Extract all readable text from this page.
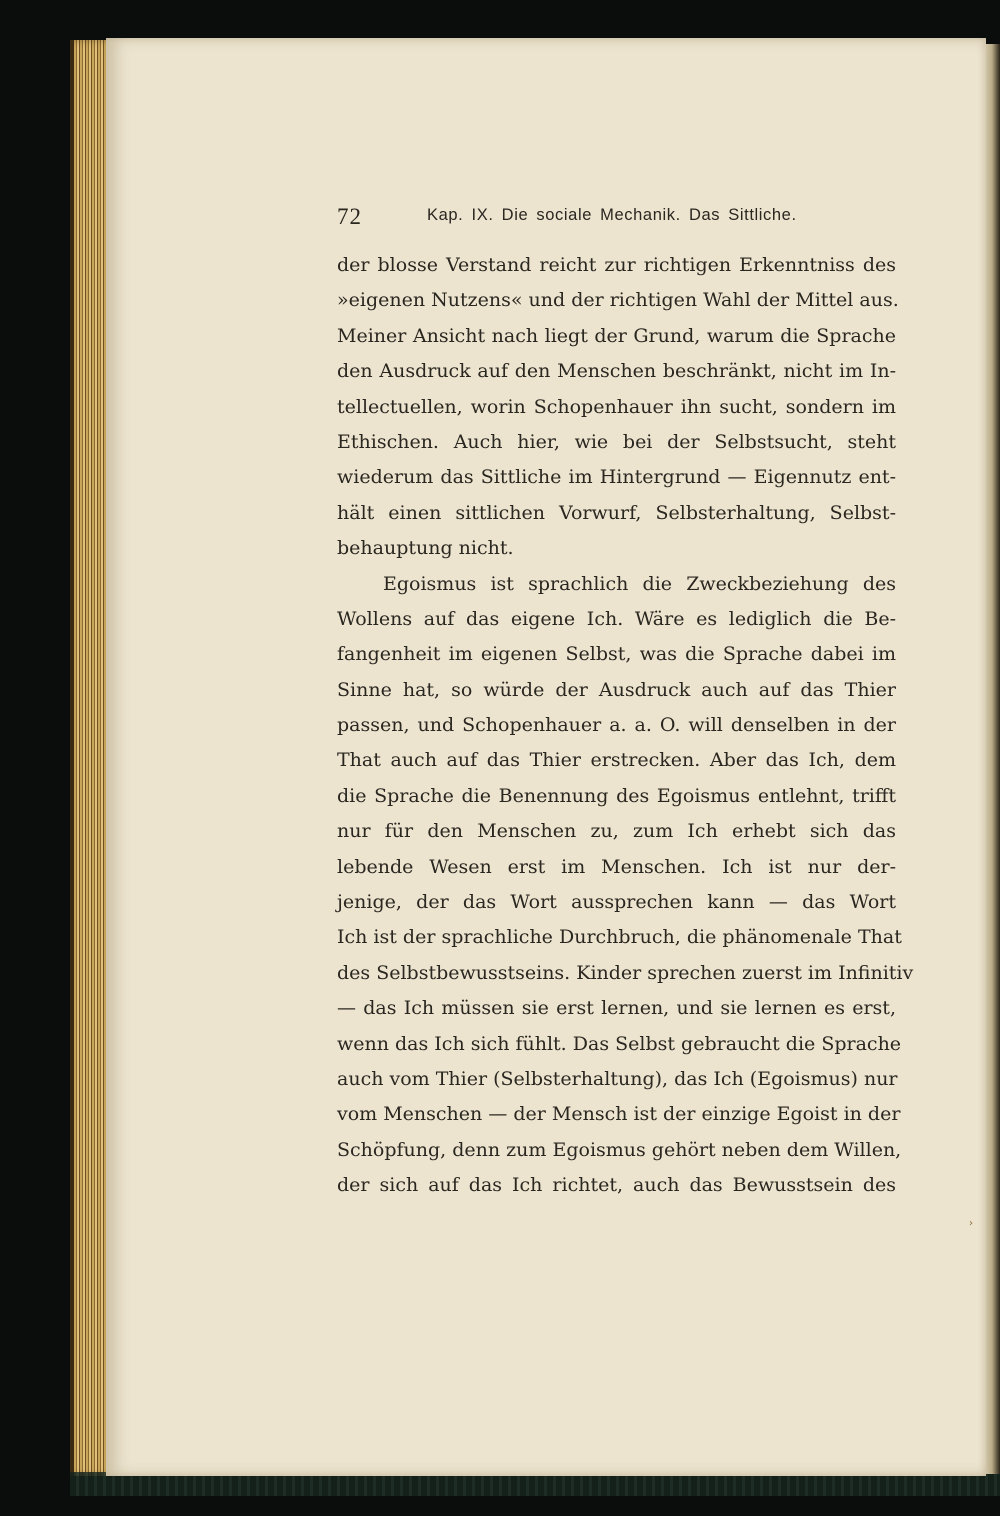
72	Kap. IX. Die sociale Mechanik. Das Sittliche.
der blosse Verstand reicht zur richtigen Erkenntniss des
»eigenen Nutzens« und der richtigen Wahl der Mittel aus.
Meiner Ansicht nach liegt der Grund, warum die Sprache
den Ausdruck auf den Menschen beschränkt, nicht im In-
tellectuellen, worin Schopenhauer ihn sucht, sondern im
Ethischen. Auch hier, wie bei der Selbstsucht, steht
wiederum das Sittliche im Hintergrund — Eigennutz ent-
hält einen sittlichen Vorwurf, Selbsterhaltung, Selbst-
behauptung nicht.
Egoismus ist sprachlich die Zweckbeziehung des
Wollens auf das eigene Ich. Wäre es lediglich die Be-
fangenheit im eigenen Selbst, was die Sprache dabei im
Sinne hat, so würde der Ausdruck auch auf das Thier
passen, und Schopenhauer a. a. O. will denselben in der
That auch auf das Thier erstrecken. Aber das Ich, dem
die Sprache die Benennung des Egoismus entlehnt, trifft
nur für den Menschen zu, zum Ich erhebt sich das
lebende Wesen erst im Menschen. Ich ist nur der-
jenige, der das Wort aussprechen kann — das Wort
Ich ist der sprachliche Durchbruch, die phänomenale That
des Selbstbewusstseins. Kinder sprechen zuerst im Infinitiv
— das Ich müssen sie erst lernen, und sie lernen es erst,
wenn das Ich sich fühlt. Das Selbst gebraucht die Sprache
auch vom Thier (Selbsterhaltung), das Ich (Egoismus) nur
vom Menschen — der Mensch ist der einzige Egoist in der
Schöpfung, denn zum Egoismus gehört neben dem Willen,
der sich auf das Ich richtet, auch das Bewusstsein des
›
